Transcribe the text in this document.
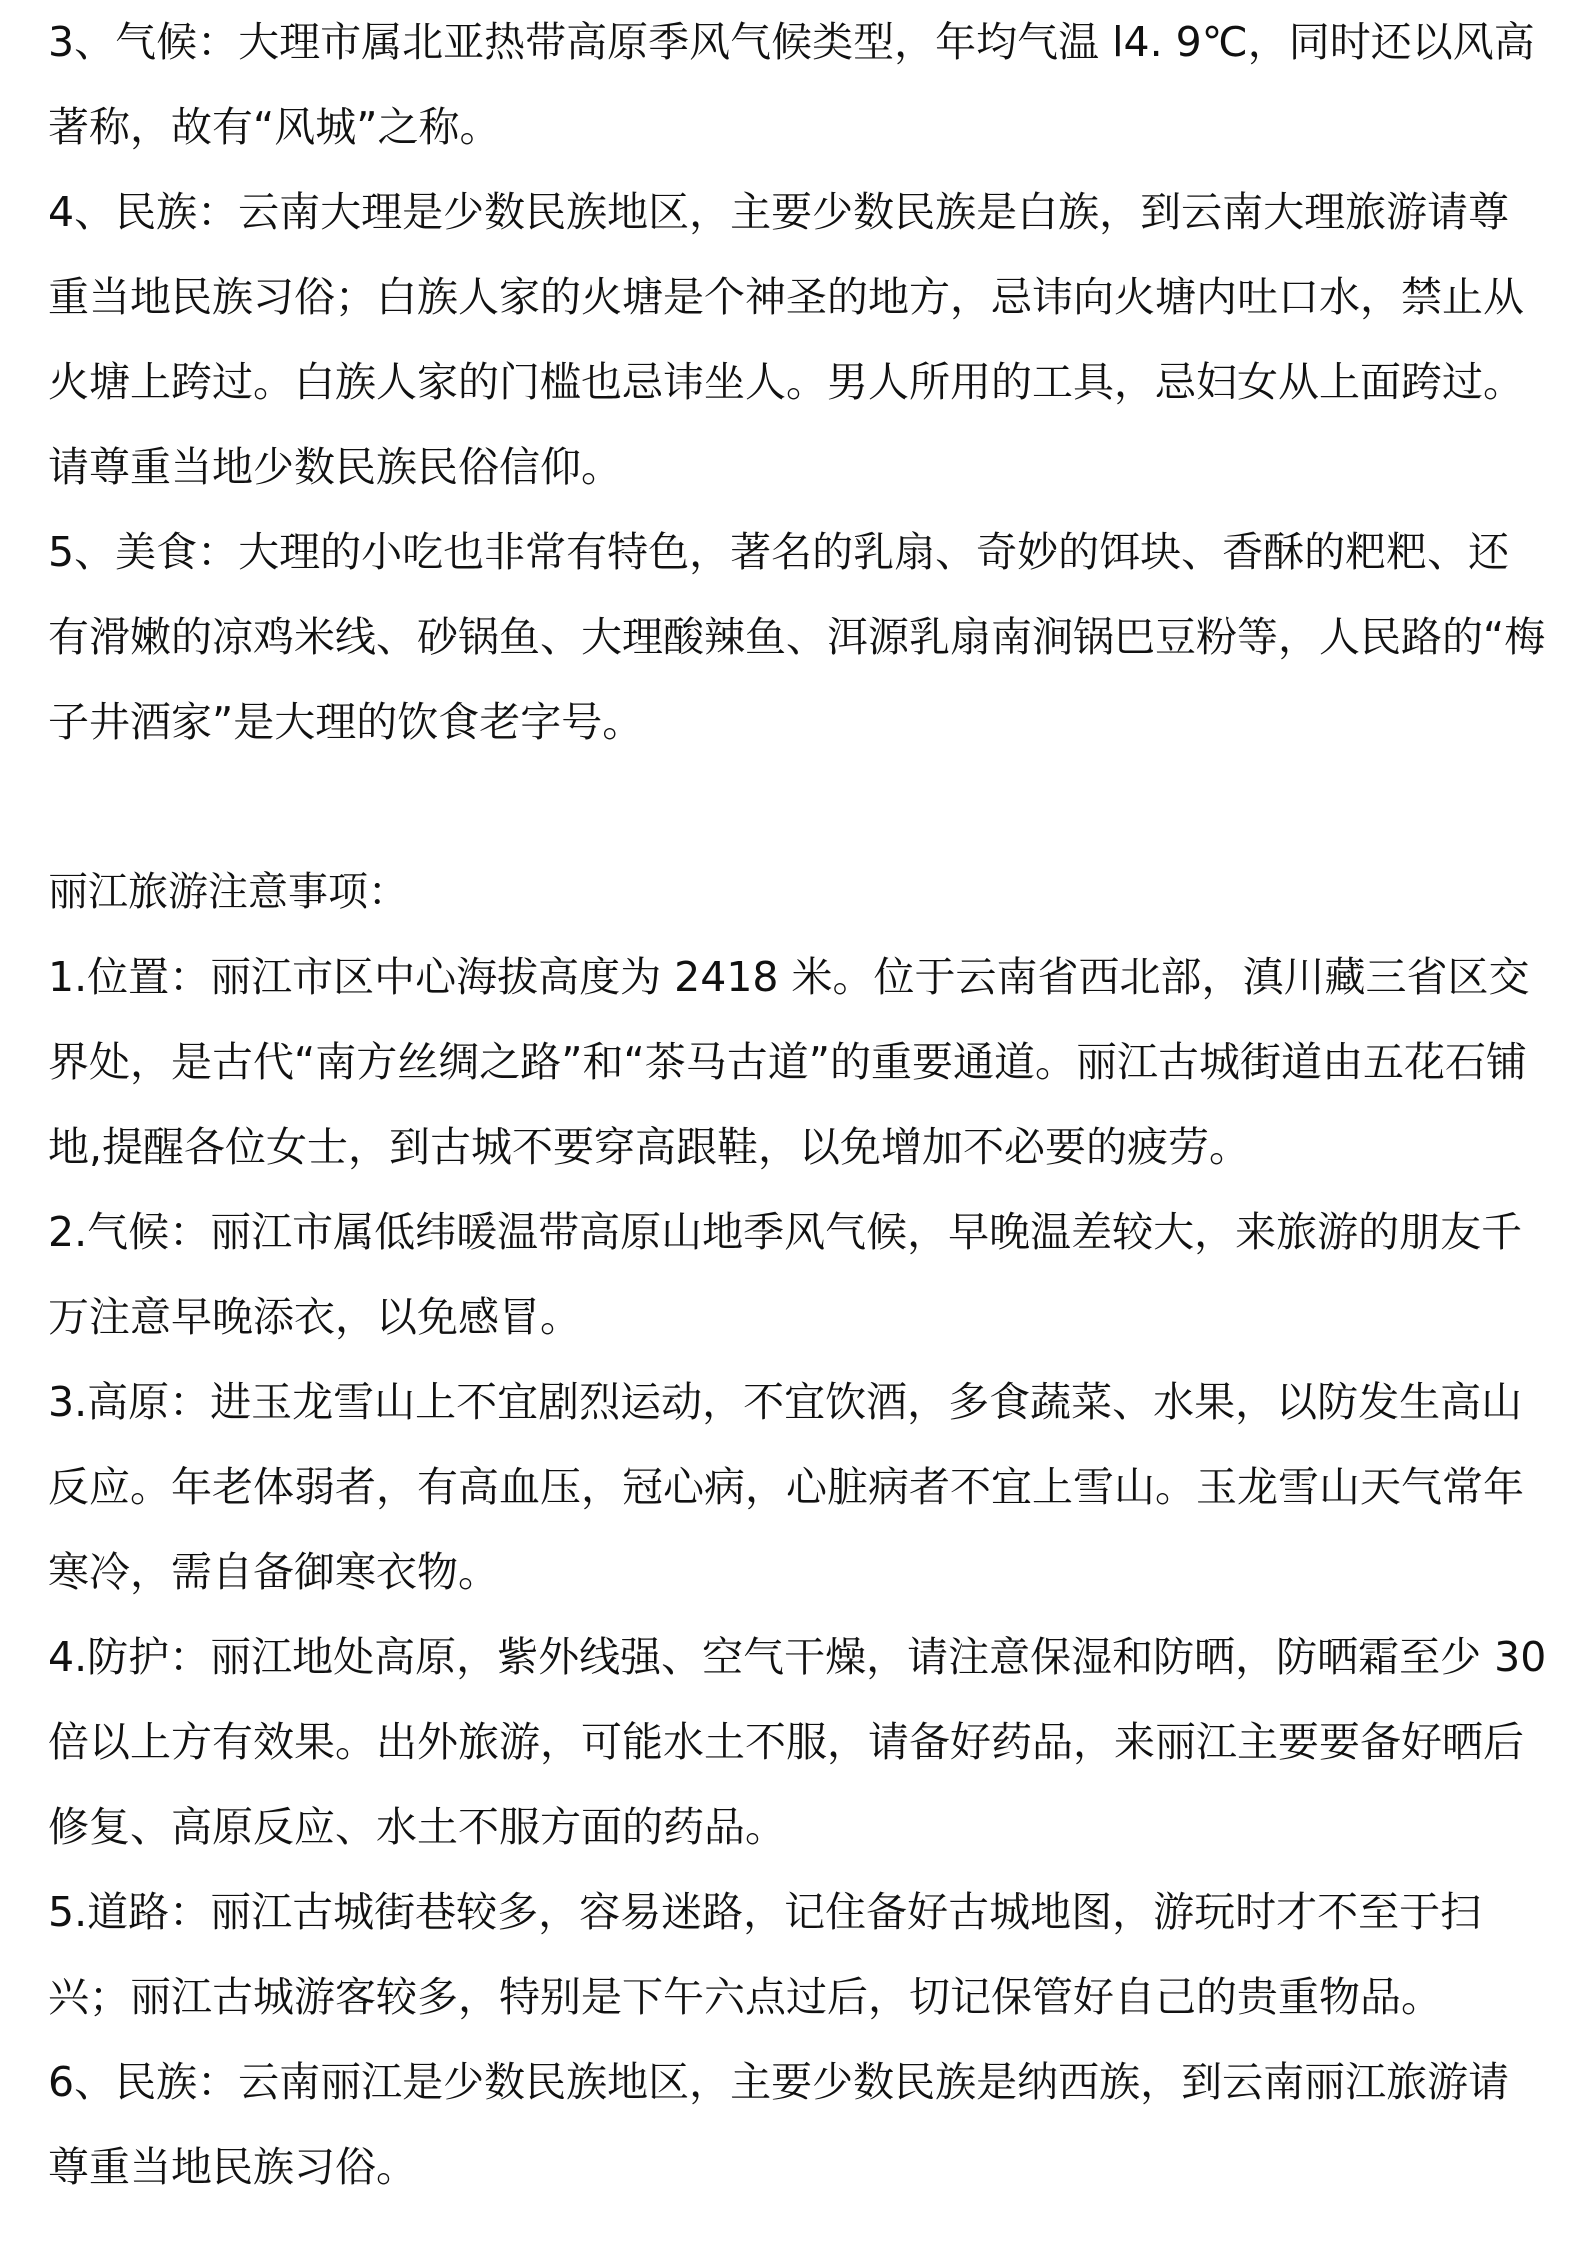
3、气候：大理市属北亚热带高原季风气候类型，年均气温 l4. 9℃，同时还以风高著称，故有“风城”之称。

4、民族：云南大理是少数民族地区，主要少数民族是白族，到云南大理旅游请尊重当地民族习俗；白族人家的火塘是个神圣的地方，忌讳向火塘内吐口水，禁止从火塘上跨过。白族人家的门槛也忌讳坐人。男人所用的工具，忌妇女从上面跨过。请尊重当地少数民族民俗信仰。

5、美食：大理的小吃也非常有特色，著名的乳扇、奇妙的饵块、香酥的粑粑、还有滑嫩的凉鸡米线、砂锅鱼、大理酸辣鱼、洱源乳扇南涧锅巴豆粉等，人民路的“梅子井酒家”是大理的饮食老字号。

丽江旅游注意事项：

1.位置：丽江市区中心海拔高度为 2418 米。位于云南省西北部，滇川藏三省区交界处，是古代“南方丝绸之路”和“茶马古道”的重要通道。丽江古城街道由五花石铺地,提醒各位女士，到古城不要穿高跟鞋，以免增加不必要的疲劳。

2.气候：丽江市属低纬暖温带高原山地季风气候，早晚温差较大，来旅游的朋友千万注意早晚添衣，以免感冒。

3.高原：进玉龙雪山上不宜剧烈运动，不宜饮酒，多食蔬菜、水果，以防发生高山反应。年老体弱者，有高血压，冠心病，心脏病者不宜上雪山。玉龙雪山天气常年寒冷，需自备御寒衣物。

4.防护：丽江地处高原，紫外线强、空气干燥，请注意保湿和防晒，防晒霜至少 30 倍以上方有效果。出外旅游，可能水土不服，请备好药品，来丽江主要要备好晒后修复、高原反应、水土不服方面的药品。

5.道路：丽江古城街巷较多，容易迷路，记住备好古城地图，游玩时才不至于扫兴；丽江古城游客较多，特别是下午六点过后，切记保管好自己的贵重物品。

6、民族：云南丽江是少数民族地区，主要少数民族是纳西族，到云南丽江旅游请尊重当地民族习俗。
